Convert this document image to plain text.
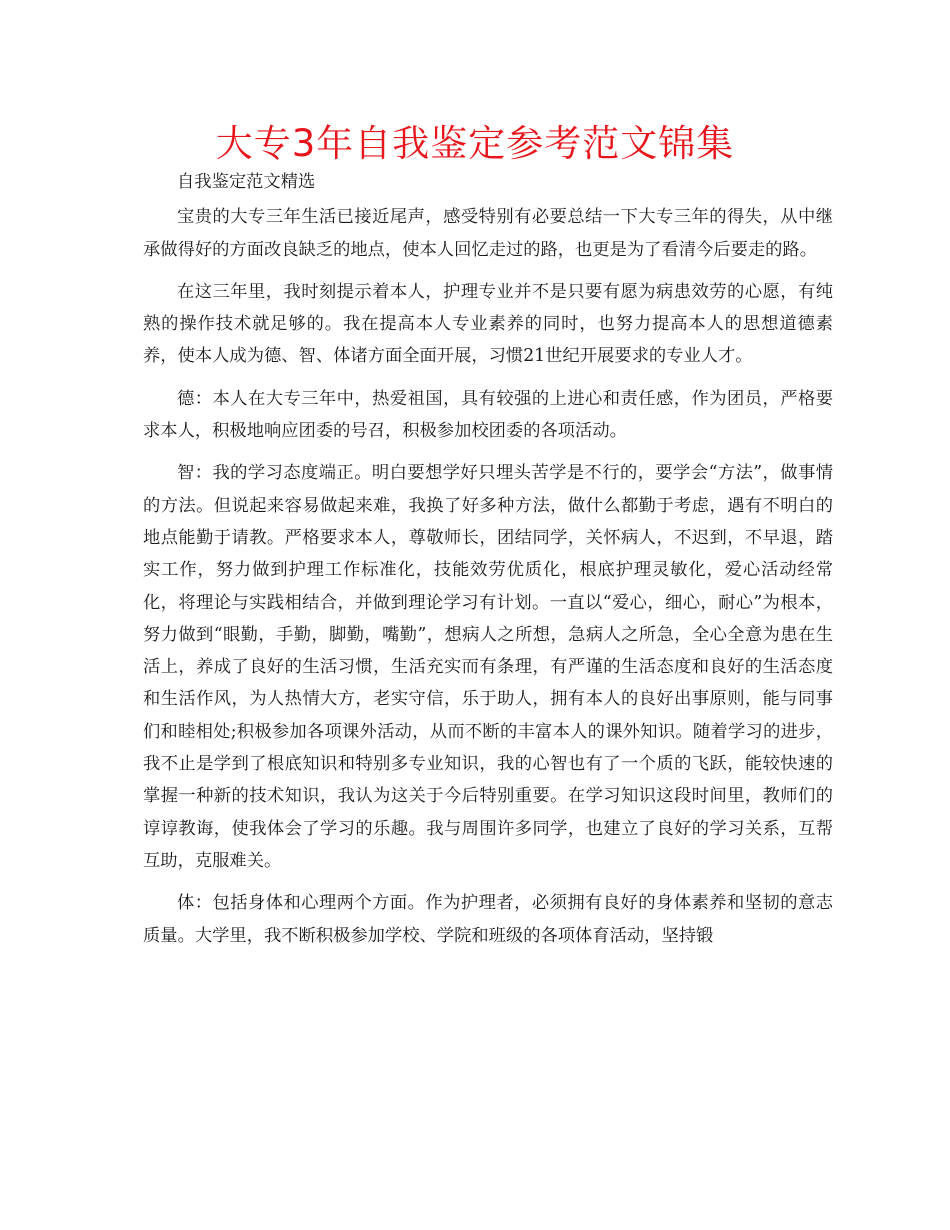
大专3年自我鉴定参考范文锦集

自我鉴定范文精选

宝贵的大专三年生活已接近尾声，感受特别有必要总结一下大专三年的得失，从中继承做得好的方面改良缺乏的地点，使本人回忆走过的路，也更是为了看清今后要走的路。

在这三年里，我时刻提示着本人，护理专业并不是只要有愿为病患效劳的心愿，有纯熟的操作技术就足够的。我在提高本人专业素养的同时，也努力提高本人的思想道德素养，使本人成为德、智、体诸方面全面开展，习惯21世纪开展要求的专业人才。

德：本人在大专三年中，热爱祖国，具有较强的上进心和责任感，作为团员，严格要求本人，积极地响应团委的号召，积极参加校团委的各项活动。

智：我的学习态度端正。明白要想学好只埋头苦学是不行的，要学会“方法”，做事情的方法。但说起来容易做起来难，我换了好多种方法，做什么都勤于考虑，遇有不明白的地点能勤于请教。严格要求本人，尊敬师长，团结同学，关怀病人，不迟到，不早退，踏实工作，努力做到护理工作标准化，技能效劳优质化，根底护理灵敏化，爱心活动经常化，将理论与实践相结合，并做到理论学习有计划。一直以“爱心，细心，耐心”为根本，努力做到“眼勤，手勤，脚勤，嘴勤”，想病人之所想，急病人之所急，全心全意为患在生活上，养成了良好的生活习惯，生活充实而有条理，有严谨的生活态度和良好的生活态度和生活作风，为人热情大方，老实守信，乐于助人，拥有本人的良好出事原则，能与同事们和睦相处;积极参加各项课外活动，从而不断的丰富本人的课外知识。随着学习的进步，我不止是学到了根底知识和特别多专业知识，我的心智也有了一个质的飞跃，能较快速的掌握一种新的技术知识，我认为这关于今后特别重要。在学习知识这段时间里，教师们的谆谆教诲，使我体会了学习的乐趣。我与周围许多同学，也建立了良好的学习关系，互帮互助，克服难关。

体：包括身体和心理两个方面。作为护理者，必须拥有良好的身体素养和坚韧的意志质量。大学里，我不断积极参加学校、学院和班级的各项体育活动，坚持锻
